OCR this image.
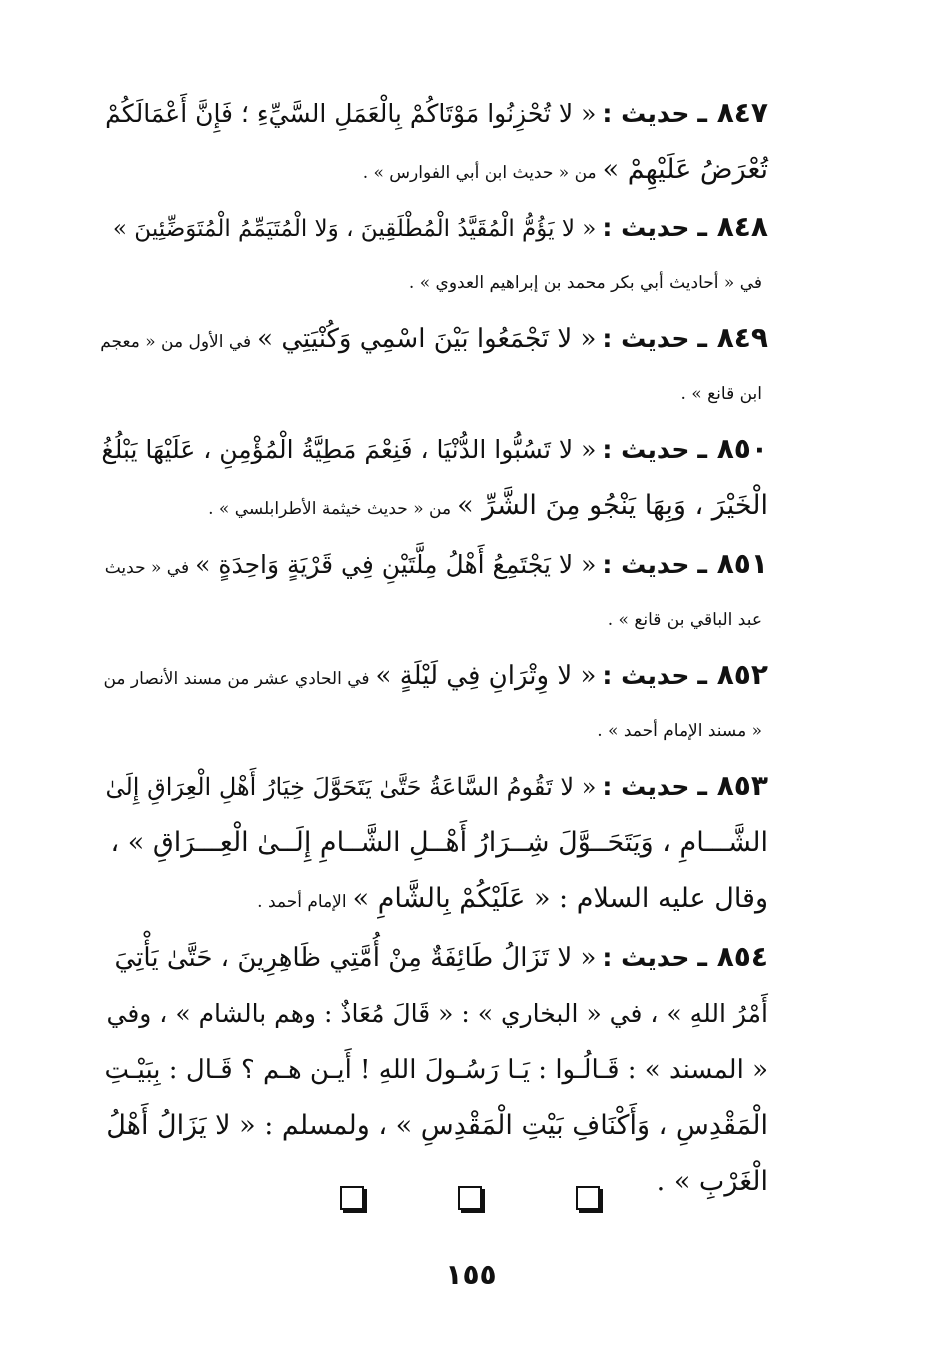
٨٤٧ ـ
حديث :
« لا تُحْزِنُوا مَوْتَاكُمْ بِالْعَمَلِ السَّيِّءِ ؛ فَإِنَّ أَعْمَالَكُمْ
تُعْرَضُ عَلَيْهِمْ »
من « حديث ابن أبي الفوارس » .
٨٤٨ ـ
حديث :
« لا يَؤُمُّ الْمُقَيَّدُ الْمُطْلَقِينَ ، وَلا الْمُتَيَمِّمُ الْمُتَوَضِّئِينَ »
في « أحاديث أبي بكر محمد بن إبراهيم العدوي » .
٨٤٩ ـ
حديث :
« لا تَجْمَعُوا بَيْنَ اسْمِي وَكُنْيَتِي »
في الأول من « معجم
ابن قانع » .
٨٥٠ ـ
حديث :
« لا تَسُبُّوا الدُّنْيَا ، فَنِعْمَ مَطِيَّةُ الْمُؤْمِنِ ، عَلَيْهَا يَبْلُغُ
الْخَيْرَ ، وَبِهَا يَنْجُو مِنَ الشَّرِّ »
من « حديث خيثمة الأطرابلسي » .
٨٥١ ـ
حديث :
« لا يَجْتَمِعُ أَهْلُ مِلَّتَيْنِ فِي قَرْيَةٍ وَاحِدَةٍ »
في « حديث
عبد الباقي بن قانع » .
٨٥٢ ـ
حديث :
« لا وِتْرَانِ فِي لَيْلَةٍ »
في الحادي عشر من مسند الأنصار من
« مسند الإمام أحمد » .
٨٥٣ ـ
حديث :
« لا تَقُومُ السَّاعَةُ حَتَّىٰ يَتَحَوَّلَ خِيَارُ أَهْلِ الْعِرَاقِ إِلَىٰ
الشَّـــامِ ، وَيَتَحَــوَّلَ شِــرَارُ أَهْــلِ الشَّــامِ إِلَــىٰ الْعِـــرَاقِ » ،
وقال عليه السلام : « عَلَيْكُمْ بِالشَّامِ »
الإمام أحمد .
٨٥٤ ـ
حديث :
« لا تَزَالُ طَائِفَةٌ مِنْ أُمَّتِي ظَاهِرِينَ ، حَتَّىٰ يَأْتِيَ
أَمْرُ اللهِ » ، في « البخاري » : « قَالَ مُعَاذٌ : وهم بالشام » ، وفي
« المسند » : قَـالُـوا : يَـا رَسُـولَ اللهِ ! أَيـن هـم ؟ قَـال : بِبَيْـتِ
الْمَقْدِسِ ، وَأَكْنَافِ بَيْتِ الْمَقْدِسِ » ، ولمسلم : « لا يَزَالُ أَهْلُ
الْغَرْبِ » .
١٥٥
